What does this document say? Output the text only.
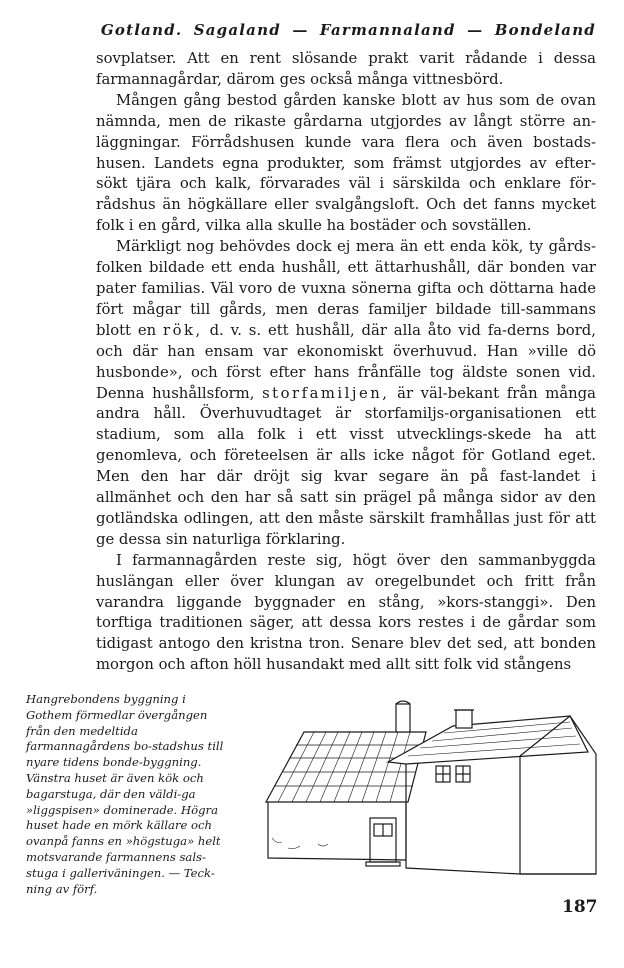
Gotland. Sagaland — Farmannaland — Bondeland

sovplatser. Att en rent slösande prakt varit rådande i dessa farmannagårdar, därom ges också många vittnesbörd.

Mången gång bestod gården kanske blott av hus som de ovan nämnda, men de rikaste gårdarna utgjordes av långt större an-läggningar. Förrådshusen kunde vara flera och även bostads-husen. Landets egna produkter, som främst utgjordes av efter-sökt tjära och kalk, förvarades väl i särskilda och enklare för-rådshus än högkällare eller svalgångsloft. Och det fanns mycket folk i en gård, vilka alla skulle ha bostäder och sovställen.

Märkligt nog behövdes dock ej mera än ett enda kök, ty gårds-folken bildade ett enda hushåll, ett ättarhushåll, där bonden var pater familias. Väl voro de vuxna sönerna gifta och döttarna hade fört mågar till gårds, men deras familjer bildade till-sammans blott en rök, d. v. s. ett hushåll, där alla åto vid fa-derns bord, och där han ensam var ekonomiskt överhuvud. Han »ville dö husbonde», och först efter hans frånfälle tog äldste sonen vid. Denna hushållsform, storfamiljen, är väl-bekant från många andra håll. Överhuvudtaget är storfamiljs-organisationen ett stadium, som alla folk i ett visst utvecklings-skede ha att genomleva, och företeelsen är alls icke något för Gotland eget. Men den har där dröjt sig kvar segare än på fast-landet i allmänhet och den har så satt sin prägel på många sidor av den gotländska odlingen, att den måste särskilt framhållas just för att ge dessa sin naturliga förklaring.

I farmannagården reste sig, högt över den sammanbyggda huslängan eller över klungan av oregelbundet och fritt från varandra liggande byggnader en stång, »kors-stanggi». Den torftiga traditionen säger, att dessa kors restes i de gårdar som tidigast antogo den kristna tron. Senare blev det sed, att bonden morgon och afton höll husandakt med allt sitt folk vid stångens

Hangrebondens byggning i Gothem förmedlar övergången från den medeltida farmannagårdens bo-stadshus till nyare tidens bonde-byggning. Vänstra huset är även kök och bagarstuga, där den väldi-ga »liggspisen» dominerade. Högra huset hade en mörk källare och ovanpå fanns en »högstuga» helt motsvarande farmannens sals-stuga i galleriväningen. — Teck-ning av förf.
187
